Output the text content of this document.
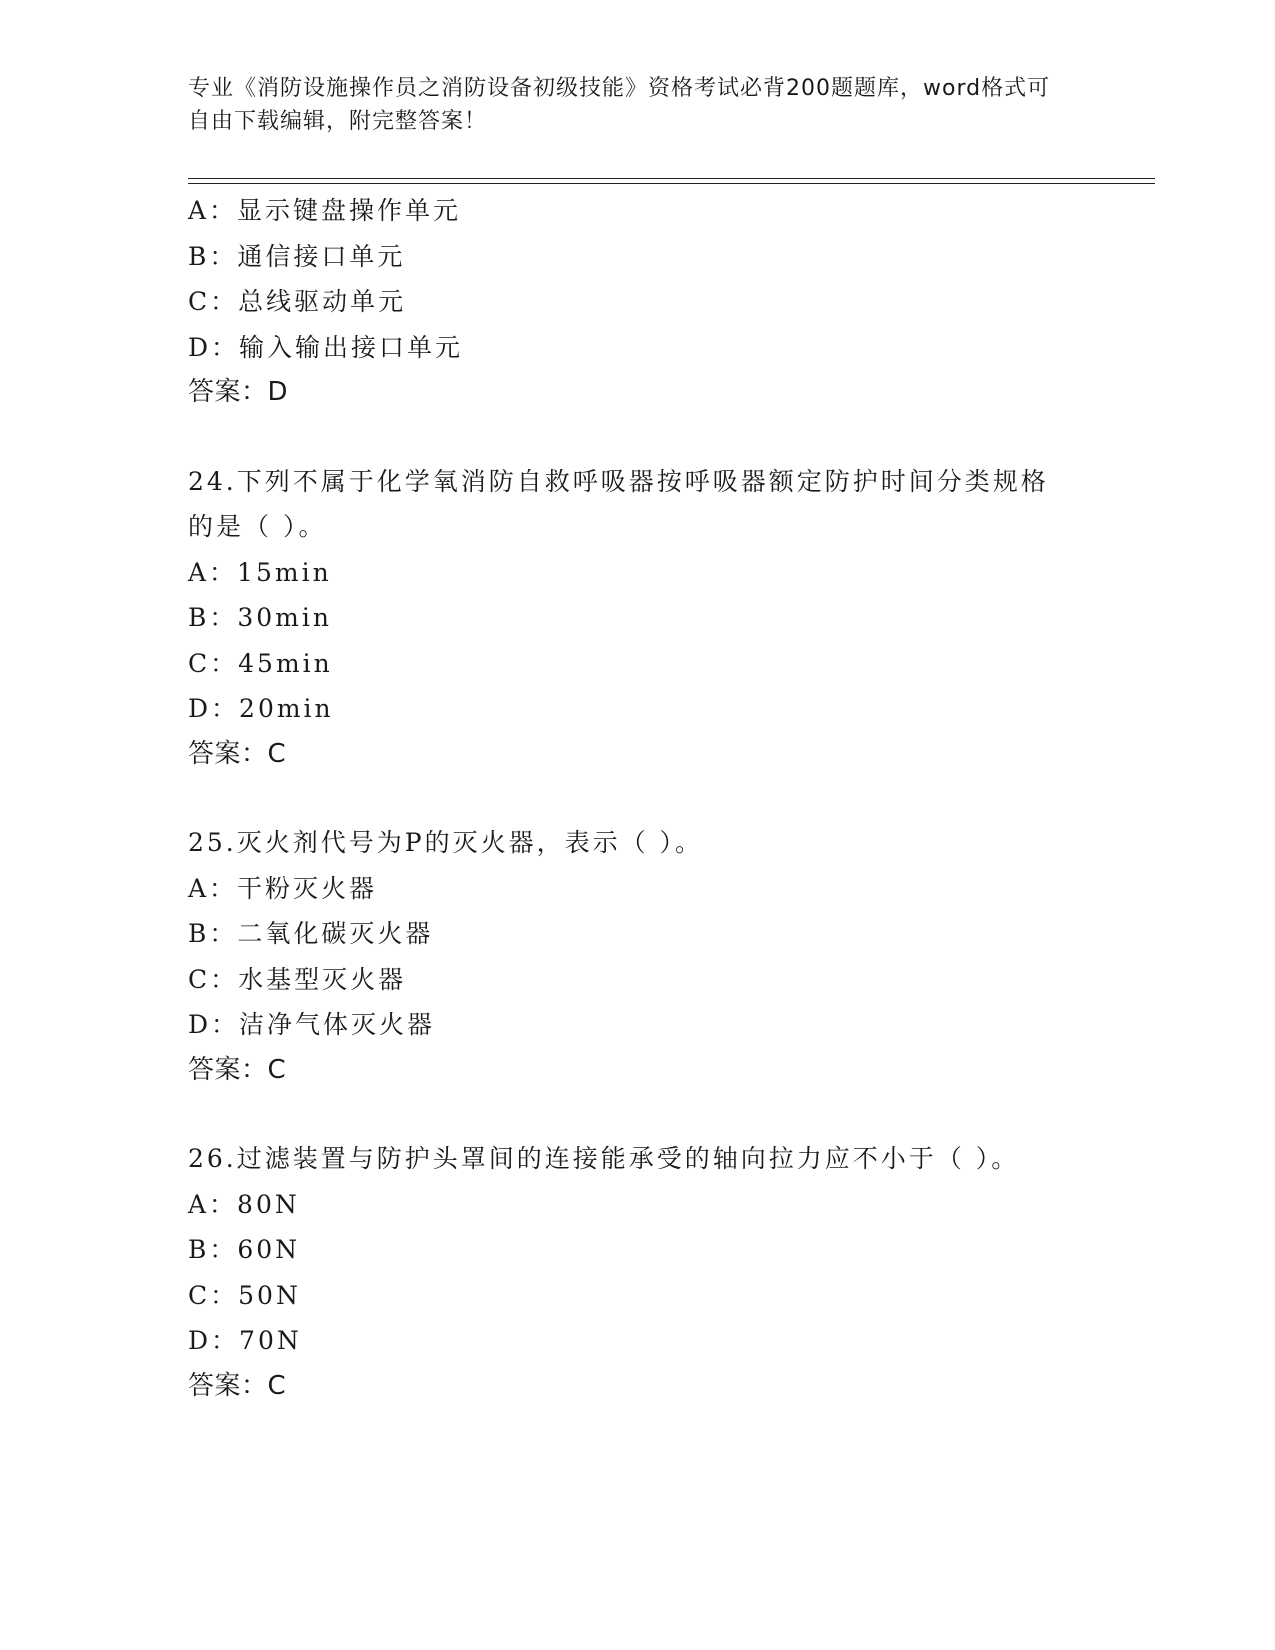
专业《消防设施操作员之消防设备初级技能》资格考试必背200题题库，word格式可自由下载编辑，附完整答案！
A：显示键盘操作单元
B：通信接口单元
C：总线驱动单元
D：输入输出接口单元
答案：D
24.下列不属于化学氧消防自救呼吸器按呼吸器额定防护时间分类规格
的是（ ）。
A：15min
B：30min
C：45min
D：20min
答案：C
25.灭火剂代号为P的灭火器，表示（ ）。
A：干粉灭火器
B：二氧化碳灭火器
C：水基型灭火器
D：洁净气体灭火器
答案：C
26.过滤装置与防护头罩间的连接能承受的轴向拉力应不小于（ ）。
A：80N
B：60N
C：50N
D：70N
答案：C
